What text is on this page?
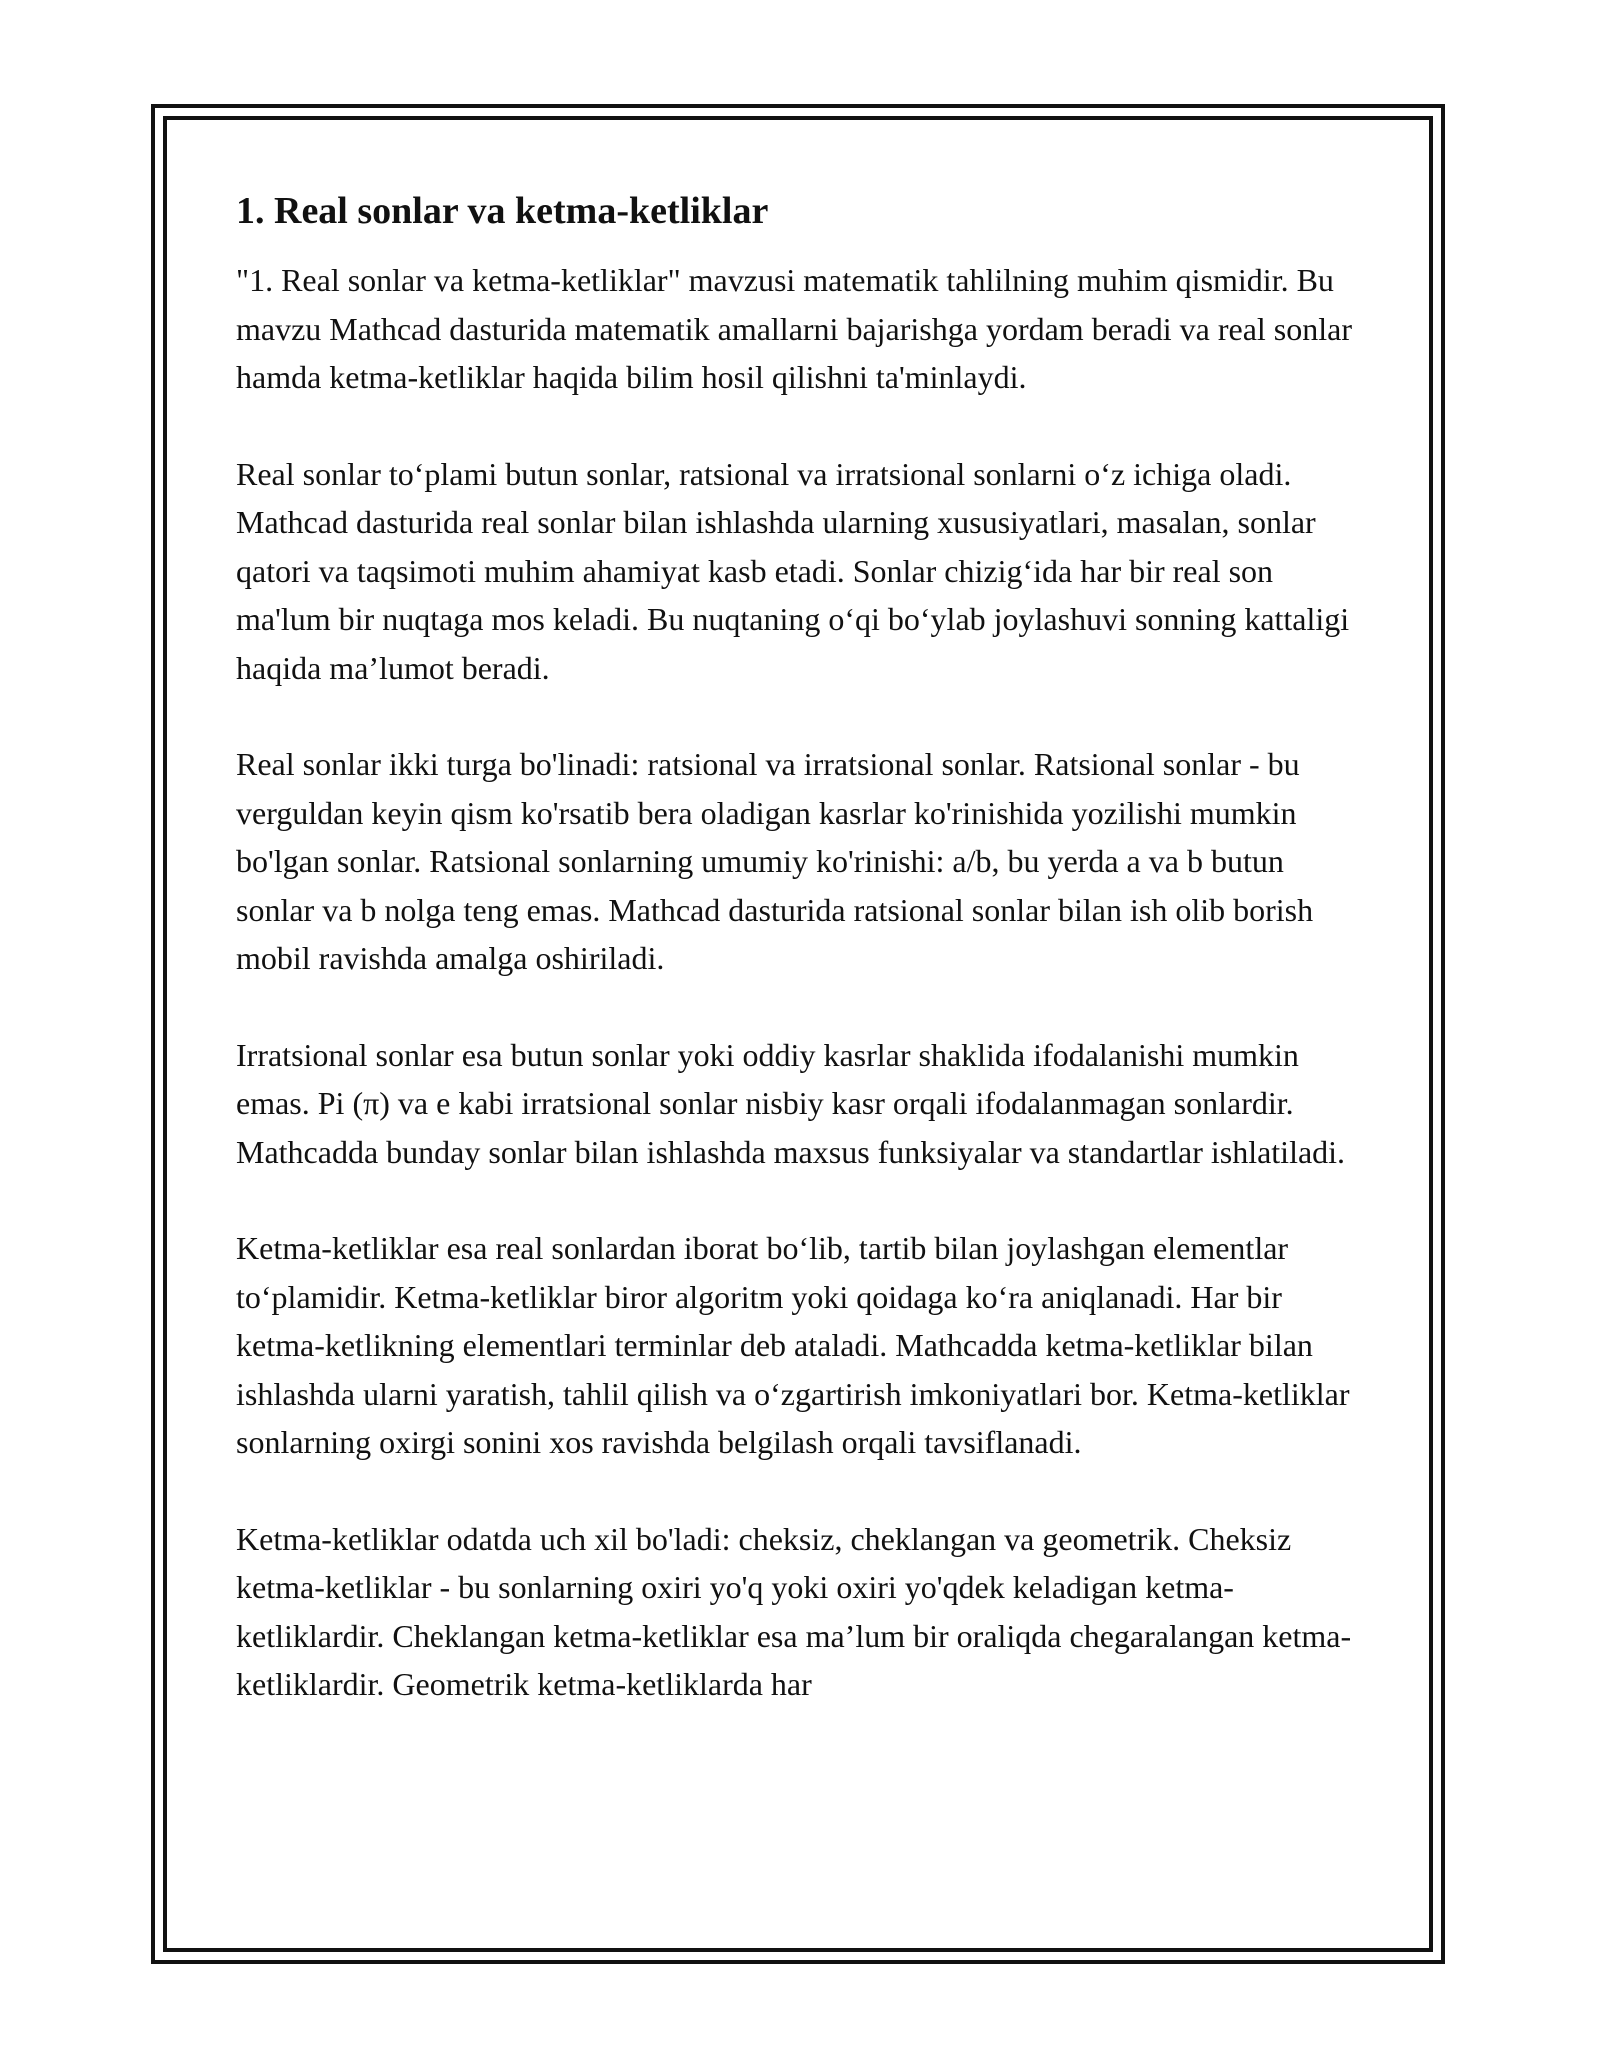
1. Real sonlar va ketma-ketliklar

"1. Real sonlar va ketma-ketliklar" mavzusi matematik tahlilning muhim qismidir. Bu mavzu Mathcad dasturida matematik amallarni bajarishga yordam beradi va real sonlar hamda ketma-ketliklar haqida bilim hosil qilishni ta'minlaydi.

Real sonlar to‘plami butun sonlar, ratsional va irratsional sonlarni o‘z ichiga oladi. Mathcad dasturida real sonlar bilan ishlashda ularning xususiyatlari, masalan, sonlar qatori va taqsimoti muhim ahamiyat kasb etadi. Sonlar chizig‘ida har bir real son ma'lum bir nuqtaga mos keladi. Bu nuqtaning o‘qi bo‘ylab joylashuvi sonning kattaligi haqida ma’lumot beradi.

Real sonlar ikki turga bo'linadi: ratsional va irratsional sonlar. Ratsional sonlar - bu verguldan keyin qism ko'rsatib bera oladigan kasrlar ko'rinishida yozilishi mumkin bo'lgan sonlar. Ratsional sonlarning umumiy ko'rinishi: a/b, bu yerda a va b butun sonlar va b nolga teng emas. Mathcad dasturida ratsional sonlar bilan ish olib borish mobil ravishda amalga oshiriladi.

Irratsional sonlar esa butun sonlar yoki oddiy kasrlar shaklida ifodalanishi mumkin emas. Pi (π) va e kabi irratsional sonlar nisbiy kasr orqali ifodalanmagan sonlardir. Mathcadda bunday sonlar bilan ishlashda maxsus funksiyalar va standartlar ishlatiladi.

Ketma-ketliklar esa real sonlardan iborat bo‘lib, tartib bilan joylashgan elementlar to‘plamidir. Ketma-ketliklar biror algoritm yoki qoidaga ko‘ra aniqlanadi. Har bir ketma-ketlikning elementlari terminlar deb ataladi. Mathcadda ketma-ketliklar bilan ishlashda ularni yaratish, tahlil qilish va o‘zgartirish imkoniyatlari bor. Ketma-ketliklar sonlarning oxirgi sonini xos ravishda belgilash orqali tavsiflanadi.

Ketma-ketliklar odatda uch xil bo'ladi: cheksiz, cheklangan va geometrik. Cheksiz ketma-ketliklar - bu sonlarning oxiri yo'q yoki oxiri yo'qdek keladigan ketma-ketliklardir. Cheklangan ketma-ketliklar esa ma’lum bir oraliqda chegaralangan ketma-ketliklardir. Geometrik ketma-ketliklarda har
